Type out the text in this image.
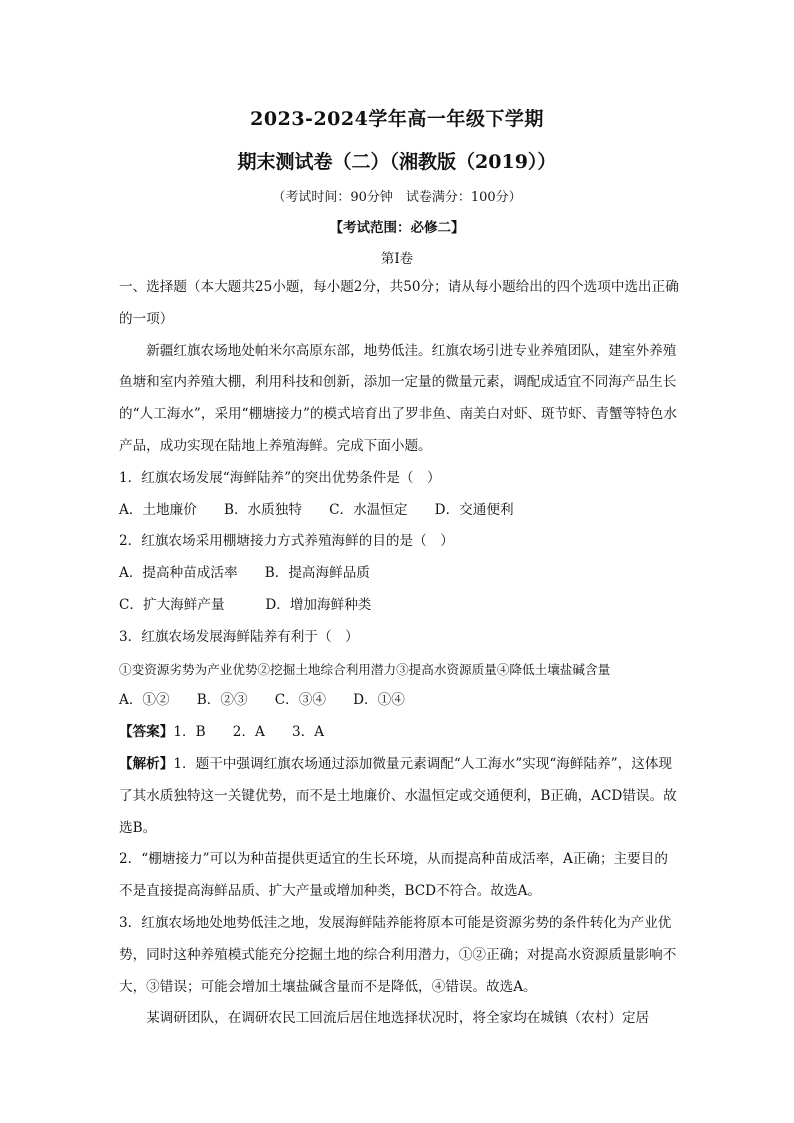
2023-2024学年高一年级下学期
期末测试卷（二）（湘教版（2019））
（考试时间：90分钟　试卷满分：100分）
【考试范围：必修二】
第Ⅰ卷

一、选择题（本大题共25小题，每小题2分，共50分；请从每小题给出的四个选项中选出正确的一项）

新疆红旗农场地处帕米尔高原东部，地势低洼。红旗农场引进专业养殖团队，建室外养殖鱼塘和室内养殖大棚，利用科技和创新，添加一定量的微量元素，调配成适宜不同海产品生长的“人工海水”，采用“棚塘接力”的模式培育出了罗非鱼、南美白对虾、斑节虾、青蟹等特色水产品，成功实现在陆地上养殖海鲜。完成下面小题。

1．红旗农场发展“海鲜陆养”的突出优势条件是（　）

A．土地廉价　　B．水质独特　　C．水温恒定　　D．交通便利

2．红旗农场采用棚塘接力方式养殖海鲜的目的是（　）

A．提高种苗成活率　　B．提高海鲜品质

C．扩大海鲜产量　　　D．增加海鲜种类

3．红旗农场发展海鲜陆养有利于（　）

①变资源劣势为产业优势②挖掘土地综合利用潜力③提高水资源质量④降低土壤盐碱含量

A．①②　　B．②③　　C．③④　　D．①④

【答案】1．B　　2．A　　3．A

【解析】1．题干中强调红旗农场通过添加微量元素调配“人工海水”实现“海鲜陆养”，这体现了其水质独特这一关键优势，而不是土地廉价、水温恒定或交通便利，B正确，ACD错误。故选B。

2．“棚塘接力”可以为种苗提供更适宜的生长环境，从而提高种苗成活率，A正确；主要目的不是直接提高海鲜品质、扩大产量或增加种类，BCD不符合。故选A。

3．红旗农场地处地势低洼之地，发展海鲜陆养能将原本可能是资源劣势的条件转化为产业优势，同时这种养殖模式能充分挖掘土地的综合利用潜力，①②正确；对提高水资源质量影响不大，③错误；可能会增加土壤盐碱含量而不是降低，④错误。故选A。

某调研团队，在调研农民工回流后居住地选择状况时，将全家均在城镇（农村）定居
